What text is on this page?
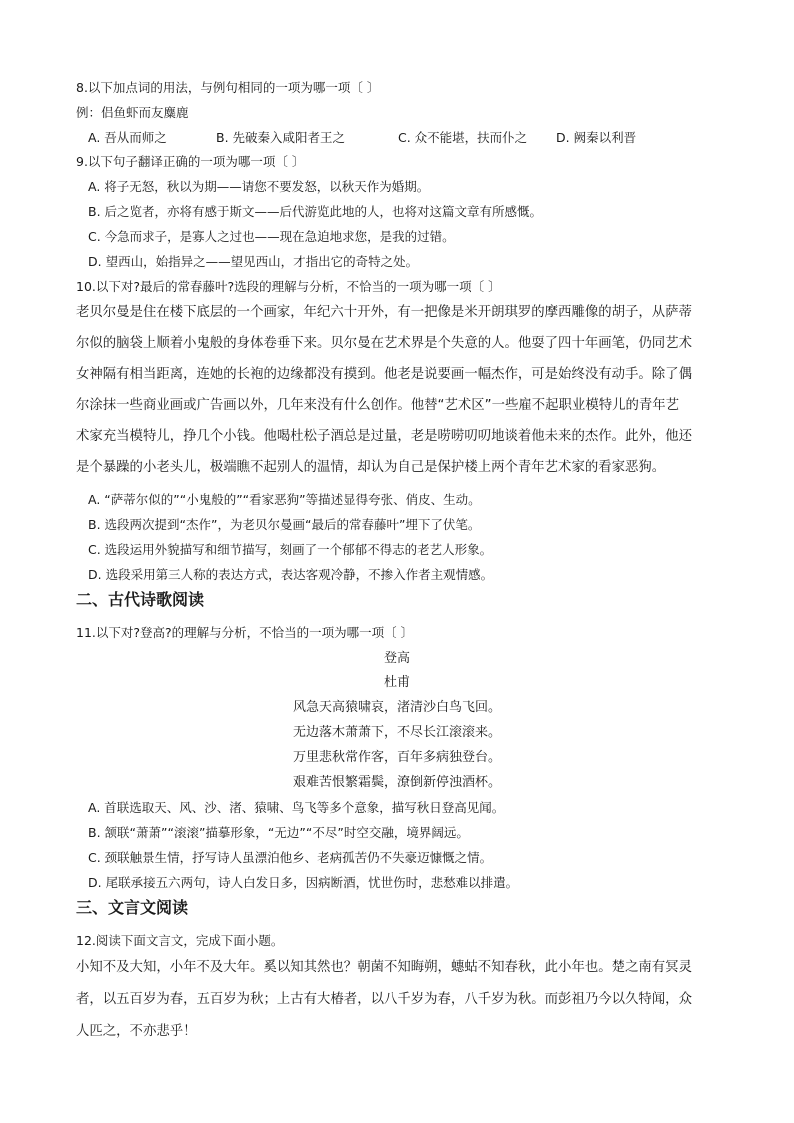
8.以下加点词的用法，与例句相同的一项为哪一项〔 〕
例：侣鱼虾而友麋鹿
A. 吾从而师之	B. 先破秦入咸阳者王之	C. 众不能堪，扶而仆之 D. 阙秦以利晋
9.以下句子翻译正确的一项为哪一项〔 〕
A. 将子无怒，秋以为期——请您不要发怒，以秋天作为婚期。
B. 后之览者，亦将有感于斯文——后代游览此地的人，也将对这篇文章有所感慨。
C. 今急而求子，是寡人之过也——现在急迫地求您，是我的过错。
D. 望西山，始指异之——望见西山，才指出它的奇特之处。
10.以下对?最后的常春藤叶?选段的理解与分析，不恰当的一项为哪一项〔 〕
老贝尔曼是住在楼下底层的一个画家，年纪六十开外，有一把像是米开朗琪罗的摩西雕像的胡子，从萨蒂
尔似的脑袋上顺着小鬼般的身体卷垂下来。贝尔曼在艺术界是个失意的人。他耍了四十年画笔，仍同艺术
女神隔有相当距离，连她的长袍的边缘都没有摸到。他老是说要画一幅杰作，可是始终没有动手。除了偶
尔涂抹一些商业画或广告画以外，几年来没有什么创作。他替“艺术区”一些雇不起职业模特儿的青年艺
术家充当模特儿，挣几个小钱。他喝杜松子酒总是过量，老是唠唠叨叨地谈着他未来的杰作。此外，他还
是个暴躁的小老头儿，极端瞧不起别人的温情，却认为自己是保护楼上两个青年艺术家的看家恶狗。
A. “萨蒂尔似的”“小鬼般的”“看家恶狗”等描述显得夸张、俏皮、生动。
B. 选段两次提到“杰作”，为老贝尔曼画“最后的常春藤叶”埋下了伏笔。
C. 选段运用外貌描写和细节描写，刻画了一个郁郁不得志的老艺人形象。
D. 选段采用第三人称的表达方式，表达客观冷静，不掺入作者主观情感。
二、古代诗歌阅读
11.以下对?登高?的理解与分析，不恰当的一项为哪一项〔 〕
登高
杜甫
风急天高猿啸哀，渚清沙白鸟飞回。
无边落木萧萧下，不尽长江滚滚来。
万里悲秋常作客，百年多病独登台。
艰难苦恨繁霜鬓，潦倒新停浊酒杯。
A. 首联选取天、风、沙、渚、猿啸、鸟飞等多个意象，描写秋日登高见闻。
B. 颔联“萧萧”“滚滚”描摹形象，“无边”“不尽”时空交融，境界阔远。
C. 颈联触景生情，抒写诗人虽漂泊他乡、老病孤苦仍不失豪迈慷慨之情。
D. 尾联承接五六两句，诗人白发日多，因病断酒，忧世伤时，悲愁难以排遣。
三、文言文阅读
12.阅读下面文言文，完成下面小题。
小知不及大知，小年不及大年。奚以知其然也？朝菌不知晦朔，蟪蛄不知春秋，此小年也。楚之南有冥灵
者，以五百岁为春，五百岁为秋；上古有大椿者，以八千岁为春，八千岁为秋。而彭祖乃今以久特闻，众
人匹之，不亦悲乎！
